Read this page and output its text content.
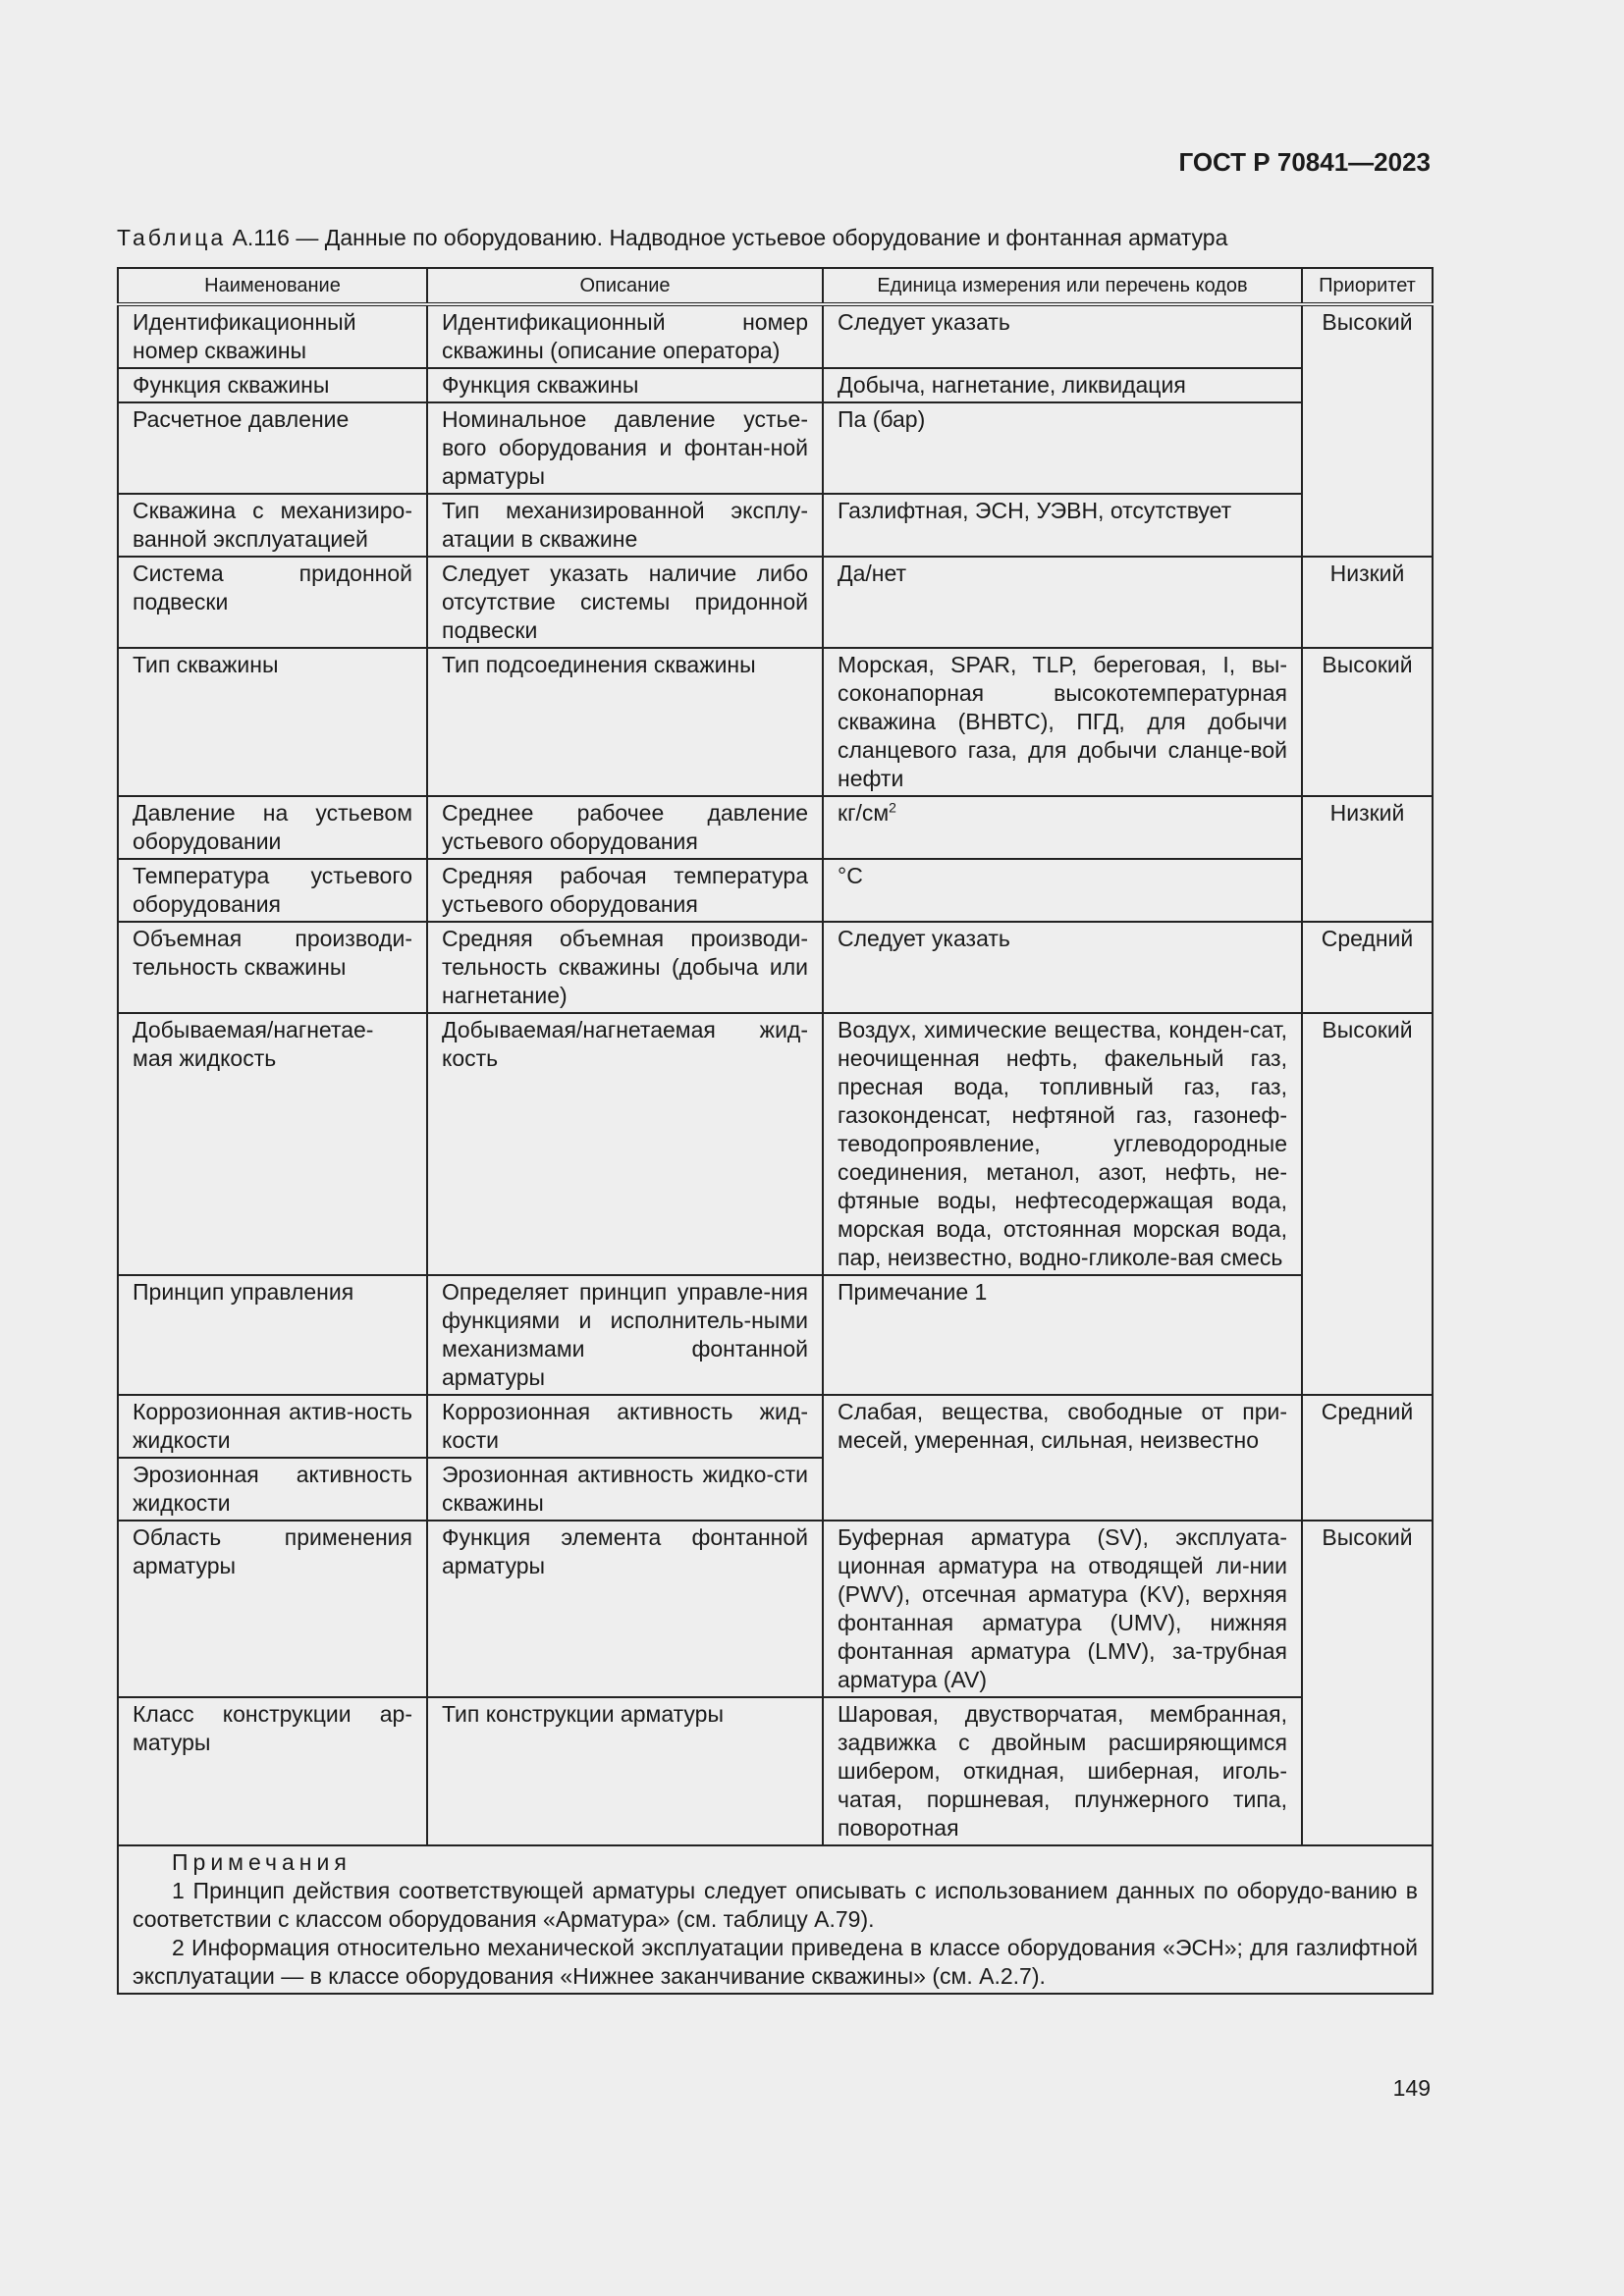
ГОСТ Р 70841—2023
Таблица А.116 — Данные по оборудованию. Надводное устьевое оборудование и фонтанная арматура
Наименование	Описание	Единица измерения или перечень кодов	Приоритет
Идентификационный номер скважины	Идентификационный номер скважины (описание оператора)	Следует указать	Высокий
Функция скважины	Функция скважины	Добыча, нагнетание, ликвидация	
Расчетное давление	Номинальное давление устье-вого оборудования и фонтан-ной арматуры	Па (бар)	
Скважина с механизиро-ванной эксплуатацией	Тип механизированной эксплу-атации в скважине	Газлифтная, ЭСН, УЭВН, отсутствует	
Система придонной подвески	Следует указать наличие либо отсутствие системы придонной подвески	Да/нет	Низкий
Тип скважины	Тип подсоединения скважины	Морская, SPAR, TLP, береговая, I, вы-соконапорная высокотемпературная скважина (ВНВТС), ПГД, для добычи сланцевого газа, для добычи сланце-вой нефти	Высокий
Давление на устьевом оборудовании	Среднее рабочее давление устьевого оборудования	$кг/см^2$	Низкий
Температура устьевого оборудования	Средняя рабочая температура устьевого оборудования	°C	
Объемная производи-тельность скважины	Средняя объемная производи-тельность скважины (добыча или нагнетание)	Следует указать	Средний
Добываемая/нагнетае-мая жидкость	Добываемая/нагнетаемая жид-кость	Воздух, химические вещества, конден-сат, неочищенная нефть, факельный газ, пресная вода, топливный газ, газ, газоконденсат, нефтяной газ, газонеф-теводопроявление, углеводородные соединения, метанол, азот, нефть, не-фтяные воды, нефтесодержащая вода, морская вода, отстоянная морская вода, пар, неизвестно, водно-гликоле-вая смесь	Высокий
Принцип управления	Определяет принцип управле-ния функциями и исполнитель-ными механизмами фонтанной арматуры	Примечание 1	
Коррозионная актив-ность жидкости	Коррозионная активность жид-кости	Слабая, вещества, свободные от при-месей, умеренная, сильная, неизвестно	Средний
Эрозионная активность жидкости	Эрозионная активность жидко-сти скважины		
Область применения арматуры	Функция элемента фонтанной арматуры	Буферная арматура (SV), эксплуата-ционная арматура на отводящей ли-нии (PWV), отсечная арматура (KV), верхняя фонтанная арматура (UMV), нижняя фонтанная арматура (LMV), за-трубная арматура (AV)	Высокий
Класс конструкции ар-матуры	Тип конструкции арматуры	Шаровая, двустворчатая, мембранная, задвижка с двойным расширяющимся шибером, откидная, шиберная, иголь-чатая, поршневая, плунжерного типа, поворотная	

Примечания

1 Принцип действия соответствующей арматуры следует описывать с использованием данных по оборудо-ванию в соответствии с классом оборудования «Арматура» (см. таблицу А.79).

2 Информация относительно механической эксплуатации приведена в классе оборудования «ЭСН»; для газлифтной эксплуатации — в классе оборудования «Нижнее заканчивание скважины» (см. А.2.7).			

149
